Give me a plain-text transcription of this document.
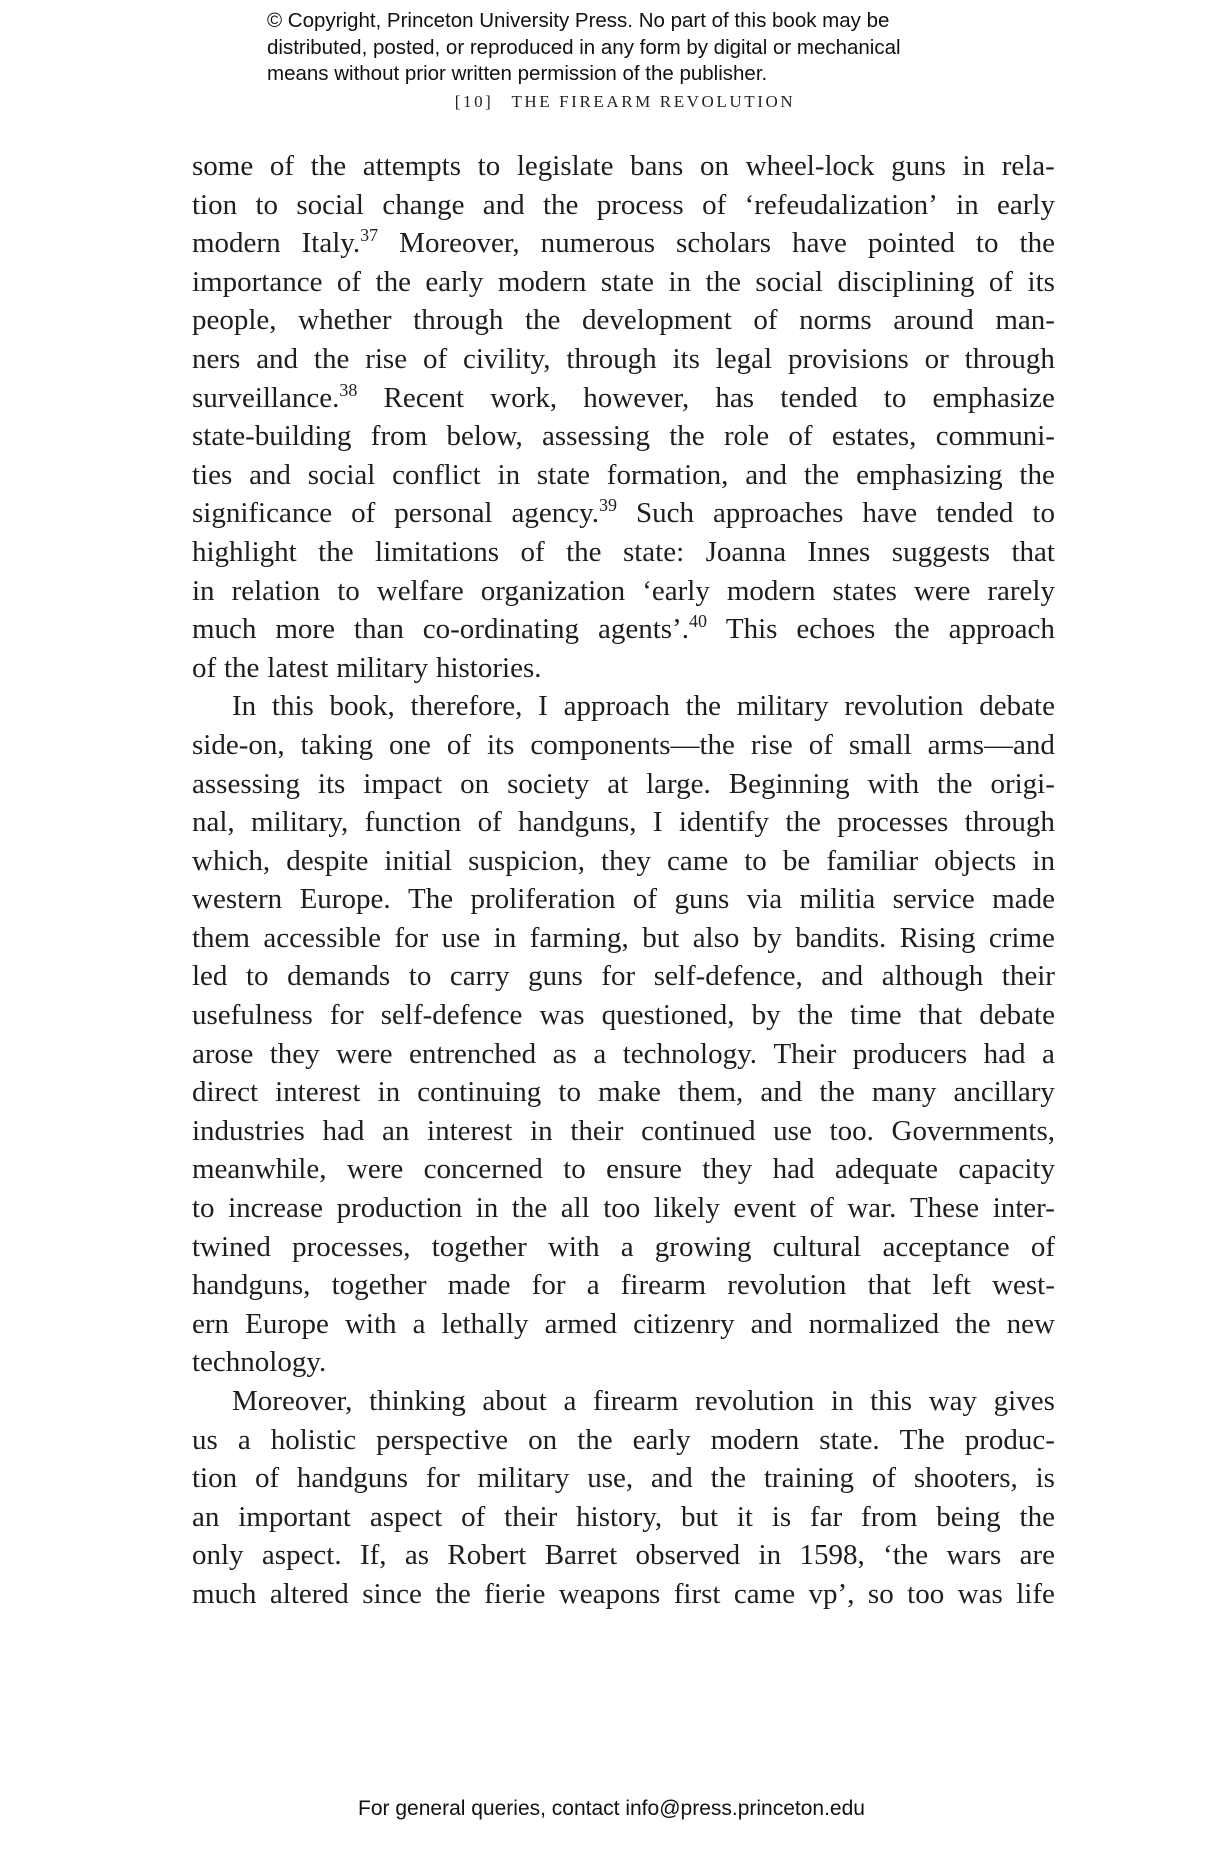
© Copyright, Princeton University Press. No part of this book may be
distributed, posted, or reproduced in any form by digital or mechanical
means without prior written permission of the publisher.
[10] THE FIREARM REVOLUTION
some of the attempts to legislate bans on wheel-lock guns in rela-
tion to social change and the process of ‘refeudalization’ in early
modern Italy.$^{37}$ Moreover, numerous scholars have pointed to the
importance of the early modern state in the social disciplining of its
people, whether through the development of norms around man-
ners and the rise of civility, through its legal provisions or through
surveillance.$^{38}$ Recent work, however, has tended to emphasize
state-building from below, assessing the role of estates, communi-
ties and social conflict in state formation, and the emphasizing the
significance of personal agency.$^{39}$ Such approaches have tended to
highlight the limitations of the state: Joanna Innes suggests that
in relation to welfare organization ‘early modern states were rarely
much more than co-ordinating agents’.$^{40}$ This echoes the approach
of the latest military histories.
In this book, therefore, I approach the military revolution debate
side-on, taking one of its components—the rise of small arms—and
assessing its impact on society at large. Beginning with the origi-
nal, military, function of handguns, I identify the processes through
which, despite initial suspicion, they came to be familiar objects in
western Europe. The proliferation of guns via militia service made
them accessible for use in farming, but also by bandits. Rising crime
led to demands to carry guns for self-defence, and although their
usefulness for self-defence was questioned, by the time that debate
arose they were entrenched as a technology. Their producers had a
direct interest in continuing to make them, and the many ancillary
industries had an interest in their continued use too. Governments,
meanwhile, were concerned to ensure they had adequate capacity
to increase production in the all too likely event of war. These inter-
twined processes, together with a growing cultural acceptance of
handguns, together made for a firearm revolution that left west-
ern Europe with a lethally armed citizenry and normalized the new
technology.
Moreover, thinking about a firearm revolution in this way gives
us a holistic perspective on the early modern state. The produc-
tion of handguns for military use, and the training of shooters, is
an important aspect of their history, but it is far from being the
only aspect. If, as Robert Barret observed in 1598, ‘the wars are
much altered since the fierie weapons first came vp’, so too was life
For general queries, contact info@press.princeton.edu
